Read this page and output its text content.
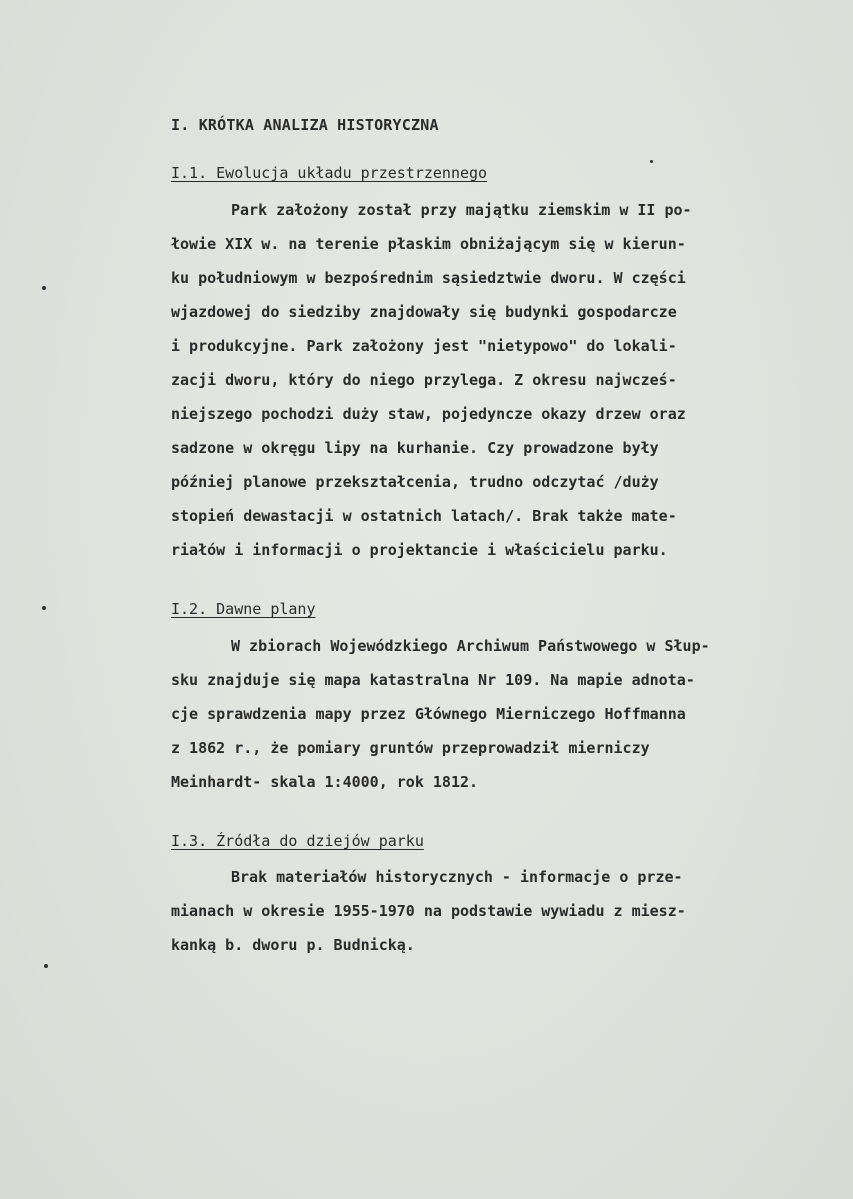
I. KRÓTKA ANALIZA HISTORYCZNA
I.1. Ewolucja układu przestrzennego
Park założony został przy majątku ziemskim w II po-
łowie XIX w. na terenie płaskim obniżającym się w kierun-
ku południowym w bezpośrednim sąsiedztwie dworu. W części
wjazdowej do siedziby znajdowały się budynki gospodarcze
i produkcyjne. Park założony jest "nietypowo" do lokali-
zacji dworu, który do niego przylega. Z okresu najwcześ-
niejszego pochodzi duży staw, pojedyncze okazy drzew oraz
sadzone w okręgu lipy na kurhanie. Czy prowadzone były
później planowe przekształcenia, trudno odczytać /duży
stopień dewastacji w ostatnich latach/. Brak także mate-
riałów i informacji o projektancie i właścicielu parku.
I.2. Dawne plany
W zbiorach Wojewódzkiego Archiwum Państwowego w Słup-
sku znajduje się mapa katastralna Nr 109. Na mapie adnota-
cje sprawdzenia mapy przez Głównego Mierniczego Hoffmanna
z 1862 r., że pomiary gruntów przeprowadził mierniczy
Meinhardt- skala 1:4000, rok 1812.
I.3. Źródła do dziejów parku
Brak materiałów historycznych - informacje o prze-
mianach w okresie 1955-1970 na podstawie wywiadu z miesz-
kanką b. dworu p. Budnicką.
